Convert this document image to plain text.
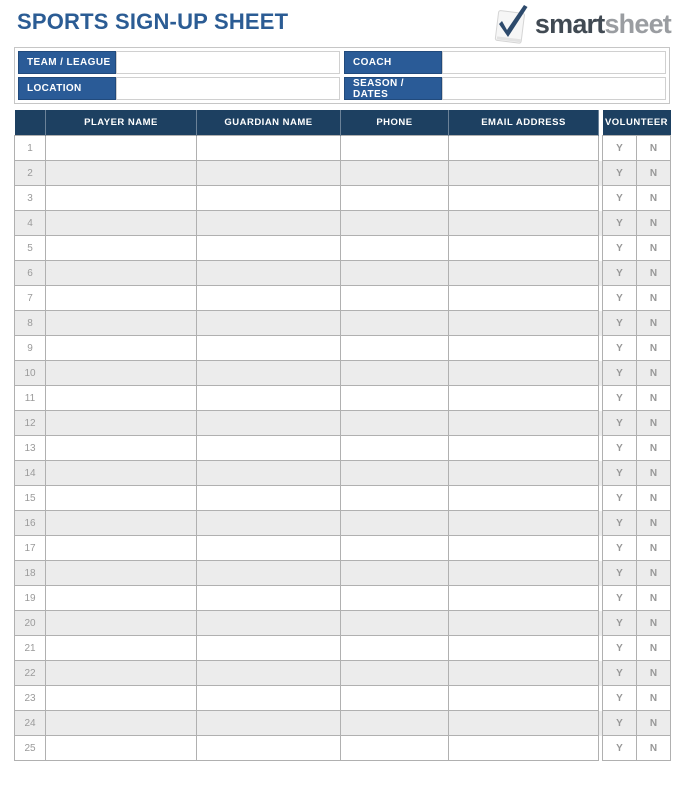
SPORTS SIGN-UP SHEET	smartsheet
TEAM / LEAGUE	COACH
LOCATION	SEASON / DATES
	PLAYER NAME	GUARDIAN NAME	PHONE	EMAIL ADDRESS		VOLUNTEER	
1						Y	N
2						Y	N
3						Y	N
4						Y	N
5						Y	N
6						Y	N
7						Y	N
8						Y	N
9						Y	N
10						Y	N
11						Y	N
12						Y	N
13						Y	N
14						Y	N
15						Y	N
16						Y	N
17						Y	N
18						Y	N
19						Y	N
20						Y	N
21						Y	N
22						Y	N
23						Y	N
24						Y	N
25						Y	N
